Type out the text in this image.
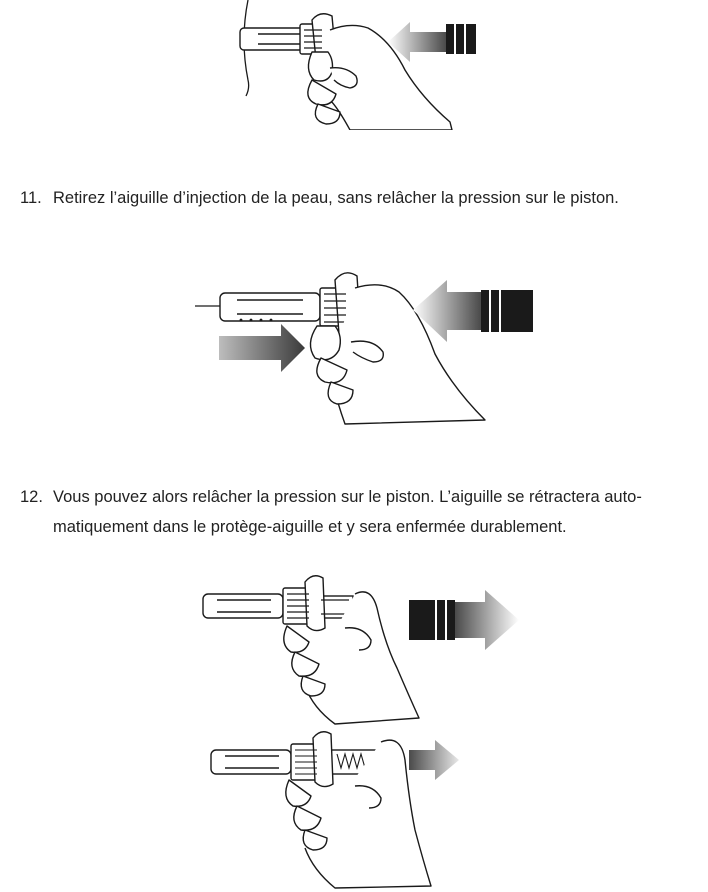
11. Retirez l’aiguille d’injection de la peau, sans relâcher la pression sur le piston.
12. Vous pouvez alors relâcher la pression sur le piston. L’aiguille se rétractera auto-
matiquement dans le protège-aiguille et y sera enfermée durablement.
